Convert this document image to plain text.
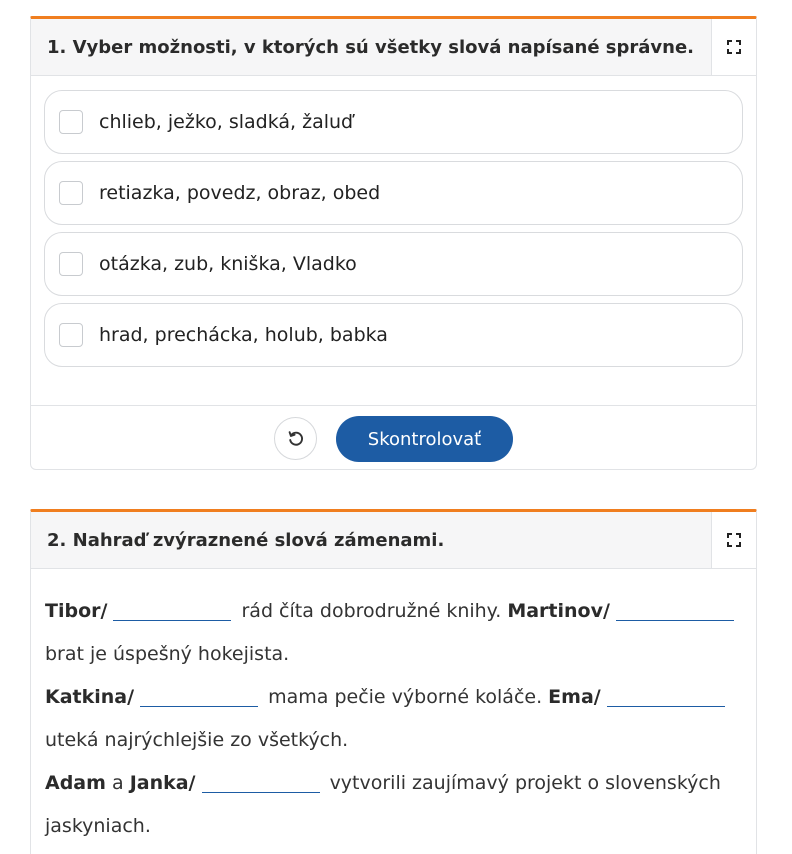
1. Vyber možnosti, v ktorých sú všetky slová napísané správne.
chlieb, ježko, sladká, žaluď
retiazka, povedz, obraz, obed
otázka, zub, kniška, Vladko
hrad, prechácka, holub, babka
Skontrolovať
2. Nahraď zvýraznené slová zámenami.
Tibor/	rád číta dobrodružné knihy. Martinov/ brat je úspešný hokejista.
Katkina/	mama pečie výborné koláče. Ema/ uteká najrýchlejšie zo všetkých.
Adam a Janka/	vytvorili zaujímavý projekt o slovenských jaskyniach.
